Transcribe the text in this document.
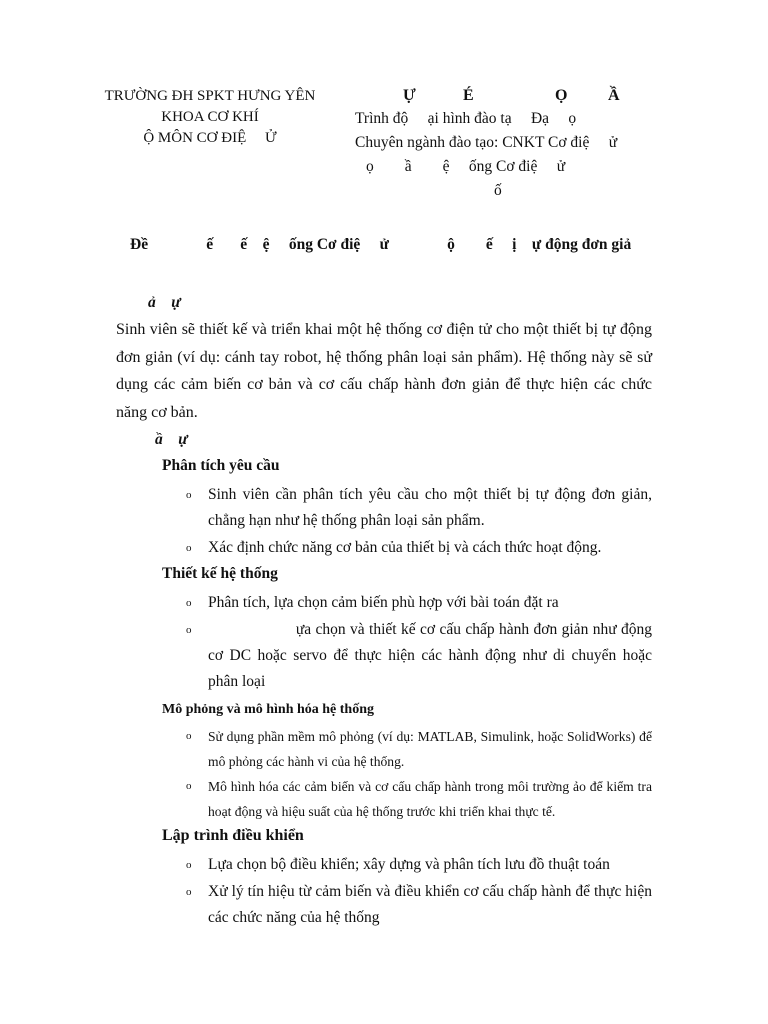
TRƯỜNG ĐH SPKT HƯNG YÊN
KHOA CƠ KHÍ
Ộ MÔN CƠ ĐIỆ     Ử
Ự	É	Ọ	Ầ
Trình độ     ại hình đào tạ     Đạ     ọ
Chuyên ngành đào tạo: CNKT Cơ điệ     ử
ọ        ầ        ệ     ống Cơ điệ     ử
ố
Đề               ế       ế    ệ     ống Cơ điệ     ử               ộ        ế     ị    ự động đơn giả
ả    ự
Sinh viên sẽ thiết kế và triển khai một hệ thống cơ điện tử cho một thiết bị tự động đơn giản (ví dụ: cánh tay robot, hệ thống phân loại sản phẩm). Hệ thống này sẽ sử dụng các cảm biến cơ bản và cơ cấu chấp hành đơn giản để thực hiện các chức năng cơ bản.
ầ    ự
Phân tích yêu cầu
o Sinh viên cần phân tích yêu cầu cho một thiết bị tự động đơn giản, chẳng hạn như hệ thống phân loại sản phẩm.
o Xác định chức năng cơ bản của thiết bị và cách thức hoạt động.
Thiết kế hệ thống
o Phân tích, lựa chọn cảm biến phù hợp với bài toán đặt ra
o ựa chọn và thiết kế cơ cấu chấp hành đơn giản như động cơ DC hoặc servo để thực hiện các hành động như di chuyển hoặc phân loại
Mô phỏng và mô hình hóa hệ thống
o Sử dụng phần mềm mô phỏng (ví dụ: MATLAB, Simulink, hoặc SolidWorks) để mô phỏng các hành vi của hệ thống.
o Mô hình hóa các cảm biến và cơ cấu chấp hành trong môi trường ảo để kiểm tra hoạt động và hiệu suất của hệ thống trước khi triển khai thực tế.
Lập trình điều khiển
o Lựa chọn bộ điều khiển; xây dựng và phân tích lưu đồ thuật toán
o Xử lý tín hiệu từ cảm biến và điều khiển cơ cấu chấp hành để thực hiện các chức năng của hệ thống
